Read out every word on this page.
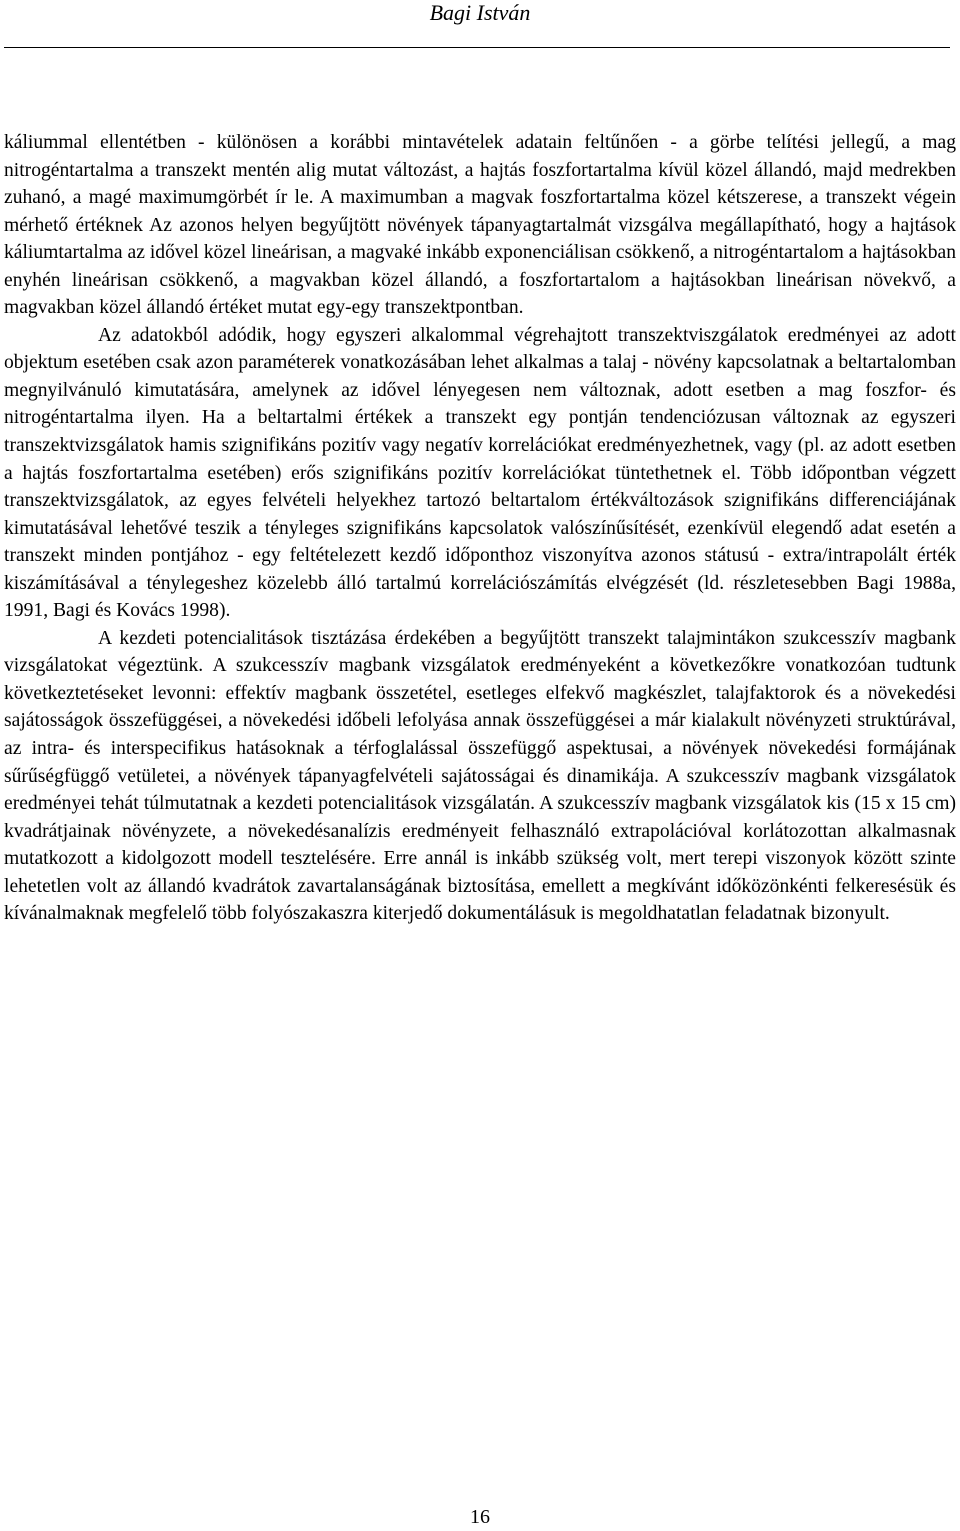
Bagi István

káliummal ellentétben - különösen a korábbi mintavételek adatain feltűnően - a görbe telítési jellegű, a mag nitrogéntartalma a transzekt mentén alig mutat változást, a hajtás foszfortartalma kívül közel állandó, majd medrekben zuhanó, a magé maximumgörbét ír le. A maximumban a magvak foszfortartalma közel kétszerese, a transzekt végein mérhető értéknek Az azonos helyen begyűjtött növények tápanyagtartalmát vizsgálva megállapítható, hogy a hajtások káliumtartalma az idővel közel lineárisan, a magvaké inkább exponenciálisan csökkenő, a nitrogéntartalom a hajtásokban enyhén lineárisan csökkenő, a magvakban közel állandó, a foszfortartalom a hajtásokban lineárisan növekvő, a magvakban közel állandó értéket mutat egy-egy transzektpontban.

Az adatokból adódik, hogy egyszeri alkalommal végrehajtott transzektviszgálatok eredményei az adott objektum esetében csak azon paraméterek vonatkozásában lehet alkalmas a talaj - növény kapcsolatnak a beltartalomban megnyilvánuló kimutatására, amelynek az idővel lényegesen nem változnak, adott esetben a mag foszfor- és nitrogéntartalma ilyen. Ha a beltartalmi értékek a transzekt egy pontján tendenciózusan változnak az egyszeri transzektvizsgálatok hamis szignifikáns pozitív vagy negatív korrelációkat eredményezhetnek, vagy (pl. az adott esetben a hajtás foszfortartalma esetében) erős szignifikáns pozitív korrelációkat tüntethetnek el. Több időpontban végzett transzektvizsgálatok, az egyes felvételi helyekhez tartozó beltartalom értékváltozások szignifikáns differenciájának kimutatásával lehetővé teszik a tényleges szignifikáns kapcsolatok valószínűsítését, ezenkívül elegendő adat esetén a transzekt minden pontjához - egy feltételezett kezdő időponthoz viszonyítva azonos státusú - extra/intrapolált érték kiszámításával a ténylegeshez közelebb álló tartalmú korrelációszámítás elvégzését (ld. részletesebben Bagi 1988a, 1991, Bagi és Kovács 1998).

A kezdeti potencialitások tisztázása érdekében a begyűjtött transzekt talajmintákon szukcesszív magbank vizsgálatokat végeztünk. A szukcesszív magbank vizsgálatok eredményeként a következőkre vonatkozóan tudtunk következtetéseket levonni: effektív magbank összetétel, esetleges elfekvő magkészlet, talajfaktorok és a növekedési sajátosságok összefüggései, a növekedési időbeli lefolyása annak összefüggései a már kialakult növényzeti struktúrával, az intra- és interspecifikus hatásoknak a térfoglalással összefüggő aspektusai, a növények növekedési formájának sűrűségfüggő vetületei, a növények tápanyagfelvételi sajátosságai és dinamikája. A szukcesszív magbank vizsgálatok eredményei tehát túlmutatnak a kezdeti potencialitások vizsgálatán. A szukcesszív magbank vizsgálatok kis (15 x 15 cm) kvadrátjainak növényzete, a növekedésanalízis eredményeit felhasználó extrapolációval korlátozottan alkalmasnak mutatkozott a kidolgozott modell tesztelésére. Erre annál is inkább szükség volt, mert terepi viszonyok között szinte lehetetlen volt az állandó kvadrátok zavartalanságának biztosítása, emellett a megkívánt időközönkénti felkeresésük és kívánalmaknak megfelelő több folyószakaszra kiterjedő dokumentálásuk is megoldhatatlan feladatnak bizonyult.

16
